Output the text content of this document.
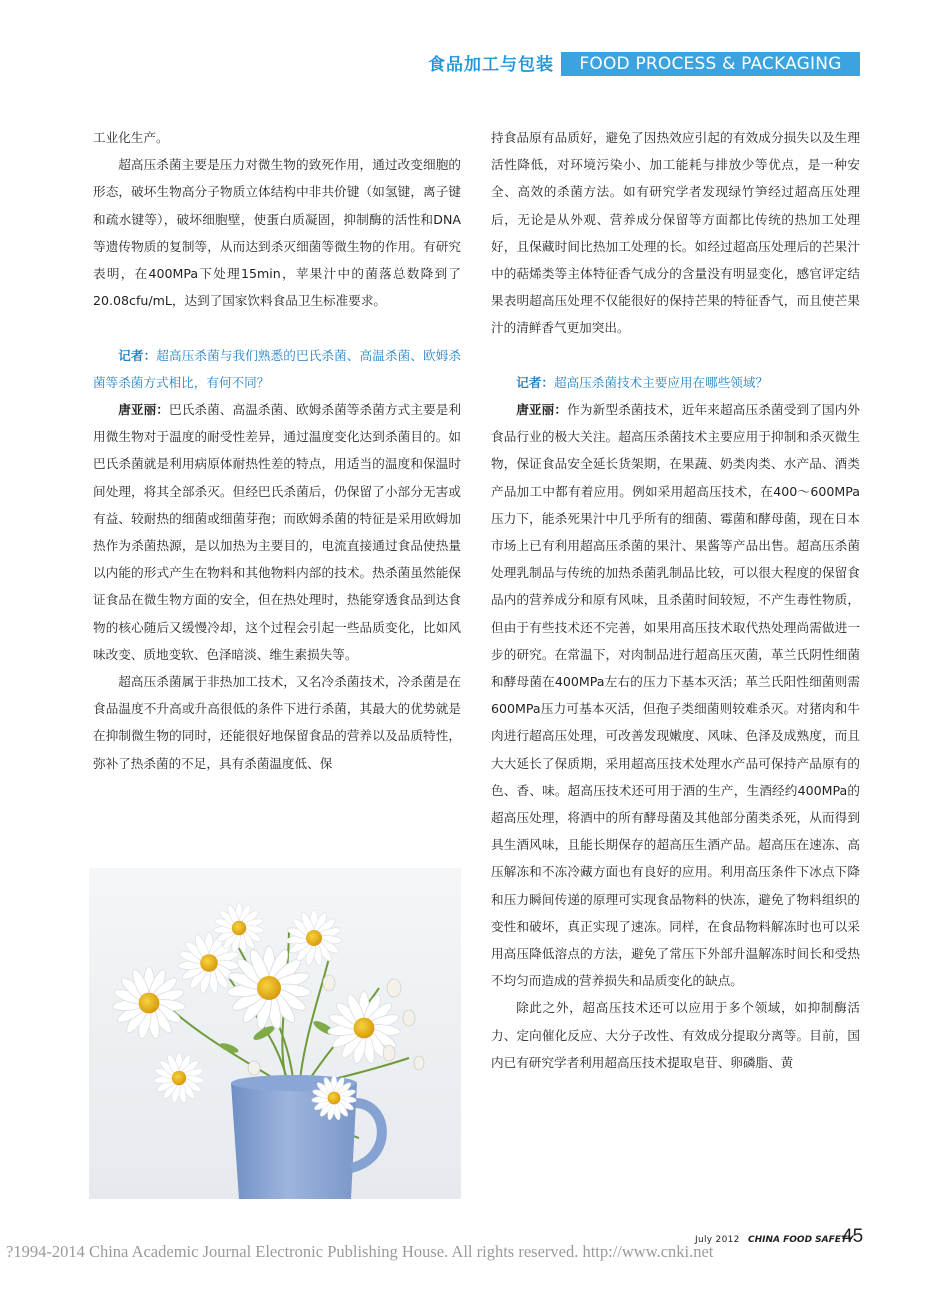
食品加工与包装	FOOD PROCESS & PACKAGING

工业化生产。

超高压杀菌主要是压力对微生物的致死作用，通过改变细胞的形态，破坏生物高分子物质立体结构中非共价键（如氢键，离子键和疏水键等），破坏细胞壁，使蛋白质凝固，抑制酶的活性和DNA等遗传物质的复制等，从而达到杀灭细菌等微生物的作用。有研究表明，在400MPa下处理15min，苹果汁中的菌落总数降到了20.08cfu/mL，达到了国家饮料食品卫生标准要求。

记者：超高压杀菌与我们熟悉的巴氏杀菌、高温杀菌、欧姆杀菌等杀菌方式相比，有何不同？

唐亚丽：巴氏杀菌、高温杀菌、欧姆杀菌等杀菌方式主要是利用微生物对于温度的耐受性差异，通过温度变化达到杀菌目的。如巴氏杀菌就是利用病原体耐热性差的特点，用适当的温度和保温时间处理，将其全部杀灭。但经巴氏杀菌后，仍保留了小部分无害或有益、较耐热的细菌或细菌芽孢；而欧姆杀菌的特征是采用欧姆加热作为杀菌热源，是以加热为主要目的，电流直接通过食品使热量以内能的形式产生在物料和其他物料内部的技术。热杀菌虽然能保证食品在微生物方面的安全，但在热处理时，热能穿透食品到达食物的核心随后又缓慢冷却，这个过程会引起一些品质变化，比如风味改变、质地变软、色泽暗淡、维生素损失等。

超高压杀菌属于非热加工技术，又名冷杀菌技术，冷杀菌是在食品温度不升高或升高很低的条件下进行杀菌，其最大的优势就是在抑制微生物的同时，还能很好地保留食品的营养以及品质特性，弥补了热杀菌的不足，具有杀菌温度低、保

持食品原有品质好，避免了因热效应引起的有效成分损失以及生理活性降低，对环境污染小、加工能耗与排放少等优点，是一种安全、高效的杀菌方法。如有研究学者发现绿竹笋经过超高压处理后，无论是从外观、营养成分保留等方面都比传统的热加工处理好，且保藏时间比热加工处理的长。如经过超高压处理后的芒果汁中的萜烯类等主体特征香气成分的含量没有明显变化，感官评定结果表明超高压处理不仅能很好的保持芒果的特征香气，而且使芒果汁的清鲜香气更加突出。

记者：超高压杀菌技术主要应用在哪些领域？

唐亚丽：作为新型杀菌技术，近年来超高压杀菌受到了国内外食品行业的极大关注。超高压杀菌技术主要应用于抑制和杀灭微生物，保证食品安全延长货架期，在果蔬、奶类肉类、水产品、酒类产品加工中都有着应用。例如采用超高压技术，在400～600MPa压力下，能杀死果汁中几乎所有的细菌、霉菌和酵母菌，现在日本市场上已有利用超高压杀菌的果汁、果酱等产品出售。超高压杀菌处理乳制品与传统的加热杀菌乳制品比较，可以很大程度的保留食品内的营养成分和原有风味，且杀菌时间较短，不产生毒性物质，但由于有些技术还不完善，如果用高压技术取代热处理尚需做进一步的研究。在常温下，对肉制品进行超高压灭菌，革兰氏阴性细菌和酵母菌在400MPa左右的压力下基本灭活；革兰氏阳性细菌则需600MPa压力可基本灭活，但孢子类细菌则较难杀灭。对猪肉和牛肉进行超高压处理，可改善发现嫩度、风味、色泽及成熟度，而且大大延长了保质期，采用超高压技术处理水产品可保持产品原有的色、香、味。超高压技术还可用于酒的生产，生酒经约400MPa的超高压处理，将酒中的所有酵母菌及其他部分菌类杀死，从而得到具生酒风味，且能长期保存的超高压生酒产品。超高压在速冻、高压解冻和不冻冷藏方面也有良好的应用。利用高压条件下冰点下降和压力瞬间传递的原理可实现食品物料的快冻，避免了物料组织的变性和破坏，真正实现了速冻。同样，在食品物料解冻时也可以采用高压降低溶点的方法，避免了常压下外部升温解冻时间长和受热不均匀而造成的营养损失和品质变化的缺点。

除此之外，超高压技术还可以应用于多个领域，如抑制酶活力、定向催化反应、大分子改性、有效成分提取分离等。目前，国内已有研究学者利用超高压技术提取皂苷、卵磷脂、黄

July 2012 CHINA FOOD SAFETY
45
?1994-2014 China Academic Journal Electronic Publishing House. All rights reserved. http://www.cnki.net
